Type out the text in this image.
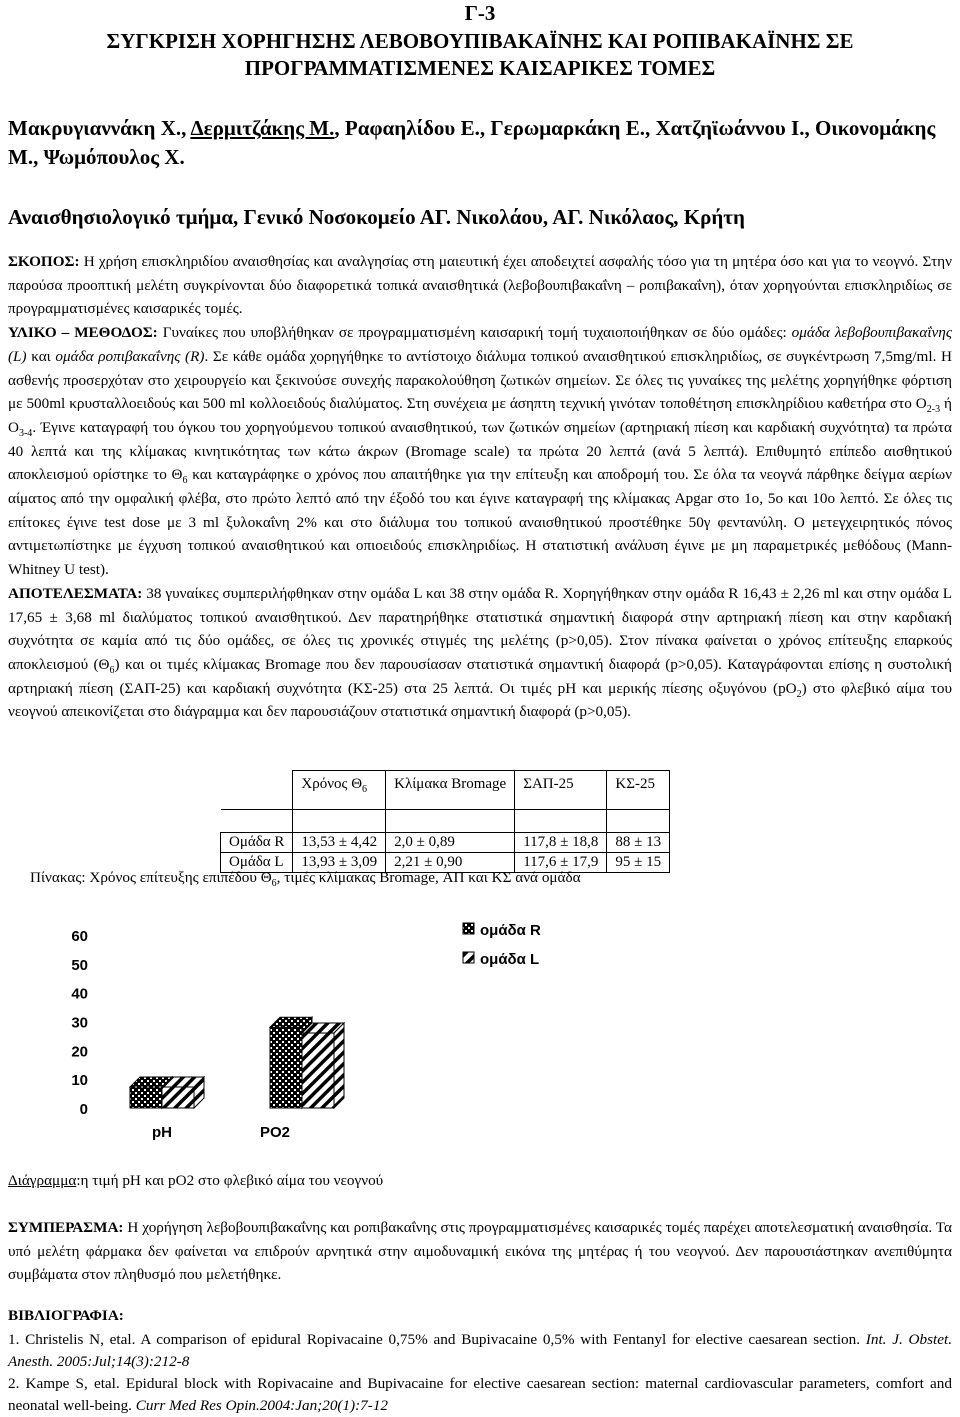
Γ-3
ΣΥΓΚΡΙΣΗ ΧΟΡΗΓΗΣΗΣ ΛΕΒΟΒΟΥΠΙΒΑΚΑΪΝΗΣ ΚΑΙ ΡΟΠΙΒΑΚΑΪΝΗΣ ΣΕ
ΠΡΟΓΡΑΜΜΑΤΙΣΜΕΝΕΣ ΚΑΙΣΑΡΙΚΕΣ ΤΟΜΕΣ
Μακρυγιαννάκη Χ., Δερμιτζάκης Μ., Ραφαηλίδου Ε., Γερωμαρκάκη Ε., Χατζηϊωάννου Ι., Οικονομάκης Μ., Ψωμόπουλος Χ.
Αναισθησιολογικό τμήμα, Γενικό Νοσοκομείο ΑΓ. Νικολάου, ΑΓ. Νικόλαος, Κρήτη
ΣΚΟΠΟΣ: Η χρήση επισκληριδίου αναισθησίας και αναλγησίας στη μαιευτική έχει αποδειχτεί ασφαλής τόσο για τη μητέρα όσο και για το νεογνό. Στην παρούσα προοπτική μελέτη συγκρίνονται δύο διαφορετικά τοπικά αναισθητικά (λεβοβουπιβακαΐνη – ροπιβακαΐνη), όταν χορηγούνται επισκληριδίως σε προγραμματισμένες καισαρικές τομές.
ΥΛΙΚΟ – ΜΕΘΟΔΟΣ: Γυναίκες που υποβλήθηκαν σε προγραμματισμένη καισαρική τομή τυχαιοποιήθηκαν σε δύο ομάδες: ομάδα λεβοβουπιβακαΐνης (L) και ομάδα ροπιβακαΐνης (R). Σε κάθε ομάδα χορηγήθηκε το αντίστοιχο διάλυμα τοπικού αναισθητικού επισκληριδίως, σε συγκέντρωση 7,5mg/ml. Η ασθενής προσερχόταν στο χειρουργείο και ξεκινούσε συνεχής παρακολούθηση ζωτικών σημείων. Σε όλες τις γυναίκες της μελέτης χορηγήθηκε φόρτιση με 500ml κρυσταλλοειδούς και 500 ml κολλοειδούς διαλύματος. Στη συνέχεια με άσηπτη τεχνική γινόταν τοποθέτηση επισκληρίδιου καθετήρα στο $O_{2-3}$ ή $O_{3-4}$. Έγινε καταγραφή του όγκου του χορηγούμενου τοπικού αναισθητικού, των ζωτικών σημείων (αρτηριακή πίεση και καρδιακή συχνότητα) τα πρώτα 40 λεπτά και της κλίμακας κινητικότητας των κάτω άκρων (Bromage scale) τα πρώτα 20 λεπτά (ανά 5 λεπτά). Επιθυμητό επίπεδο αισθητικού αποκλεισμού ορίστηκε το $\Theta_6$ και καταγράφηκε ο χρόνος που απαιτήθηκε για την επίτευξη και αποδρομή του. Σε όλα τα νεογνά πάρθηκε δείγμα αερίων αίματος από την ομφαλική φλέβα, στο πρώτο λεπτό από την έξοδό του και έγινε καταγραφή της κλίμακας Apgar στο 1ο, 5ο και 10ο λεπτό. Σε όλες τις επίτοκες έγινε test dose με 3 ml ξυλοκαΐνη 2% και στο διάλυμα του τοπικού αναισθητικού προστέθηκε 50γ φεντανύλη. Ο μετεγχειρητικός πόνος αντιμετωπίστηκε με έγχυση τοπικού αναισθητικού και οπιοειδούς επισκληριδίως. Η στατιστική ανάλυση έγινε με μη παραμετρικές μεθόδους (Mann-Whitney U test).
ΑΠΟΤΕΛΕΣΜΑΤΑ: 38 γυναίκες συμπεριλήφθηκαν στην ομάδα L και 38 στην ομάδα R. Χορηγήθηκαν στην ομάδα R 16,43 ± 2,26 ml και στην ομάδα L 17,65 ± 3,68 ml διαλύματος τοπικού αναισθητικού. Δεν παρατηρήθηκε στατιστικά σημαντική διαφορά στην αρτηριακή πίεση και στην καρδιακή συχνότητα σε καμία από τις δύο ομάδες, σε όλες τις χρονικές στιγμές της μελέτης (p>0,05). Στον πίνακα φαίνεται ο χρόνος επίτευξης επαρκούς αποκλεισμού $(\Theta_6)$ και οι τιμές κλίμακας Bromage που δεν παρουσίασαν στατιστικά σημαντική διαφορά (p>0,05). Καταγράφονται επίσης η συστολική αρτηριακή πίεση (ΣΑΠ-25) και καρδιακή συχνότητα (ΚΣ-25) στα 25 λεπτά. Οι τιμές pH και μερικής πίεσης οξυγόνου $(pO_2)$ στο φλεβικό αίμα του νεογνού απεικονίζεται στο διάγραμμα και δεν παρουσιάζουν στατιστικά σημαντική διαφορά (p>0,05).
	Χρόνος $\Theta_6$	Κλίμακα Bromage	ΣΑΠ-25	ΚΣ-25

Ομάδα R	13,53 ± 4,42	2,0 ± 0,89	117,8 ± 18,8	88 ± 13
Ομάδα L	13,93 ± 3,09	2,21 ± 0,90	117,6 ± 17,9	95 ± 15
Πίνακας: Χρόνος επίτευξης επιπέδου $\Theta_6$, τιμές κλίμακας Bromage, ΑΠ και ΚΣ ανά ομάδα
0
10
20
30
40
50
60
pH	PO2
ομάδα R
ομάδα L
Διάγραμμα:η τιμή pH και pO2 στο φλεβικό αίμα του νεογνού
ΣΥΜΠΕΡΑΣΜΑ: Η χορήγηση λεβοβουπιβακαΐνης και ροπιβακαΐνης στις προγραμματισμένες καισαρικές τομές παρέχει αποτελεσματική αναισθησία. Τα υπό μελέτη φάρμακα δεν φαίνεται να επιδρούν αρνητικά στην αιμοδυναμική εικόνα της μητέρας ή του νεογνού. Δεν παρουσιάστηκαν ανεπιθύμητα συμβάματα στον πληθυσμό που μελετήθηκε.
ΒΙΒΛΙΟΓΡΑΦΙΑ:
1. Christelis N, etal. A comparison of epidural Ropivacaine 0,75% and Bupivacaine 0,5% with Fentanyl for elective caesarean section. Int. J. Obstet. Anesth. 2005:Jul;14(3):212-8
2. Kampe S, etal. Epidural block with Ropivacaine and Bupivacaine for elective caesarean section: maternal cardiovascular parameters, comfort and neonatal well-being. Curr Med Res Opin.2004:Jan;20(1):7-12
